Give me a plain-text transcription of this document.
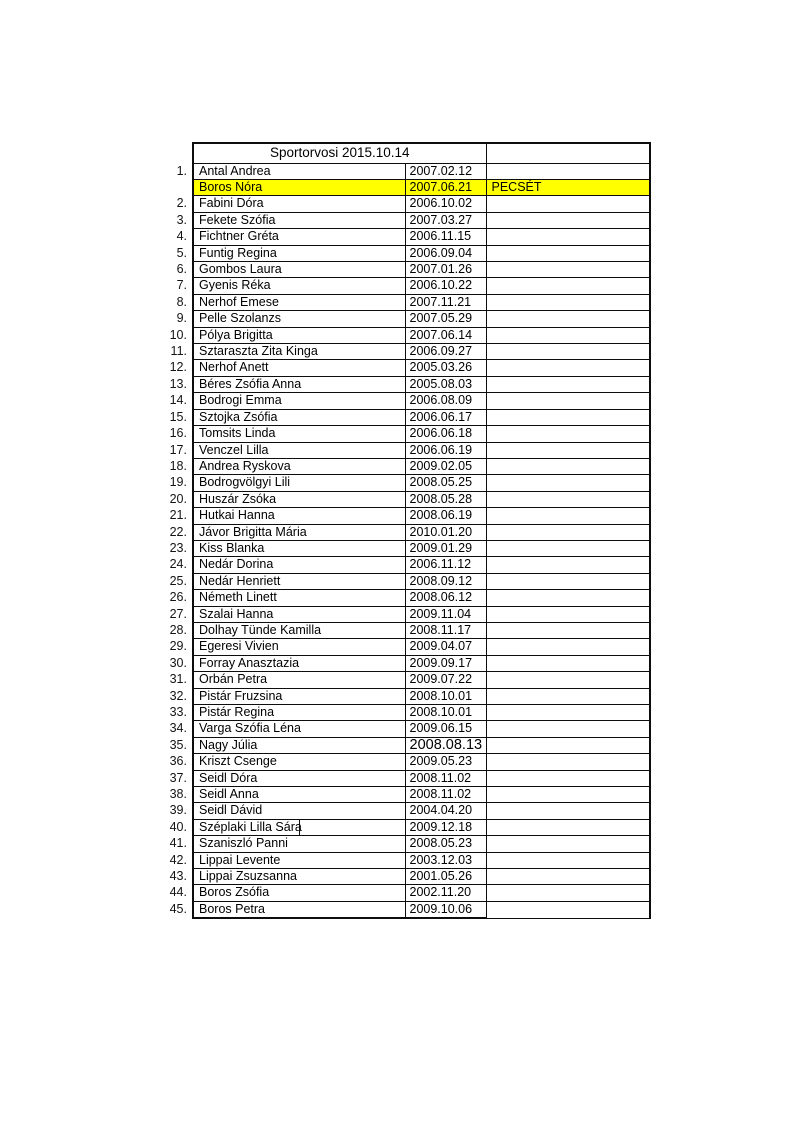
	Sportorvosi 2015.10.14		
1.	Antal Andrea	2007.02.12	
	Boros Nóra	2007.06.21	PECSÉT
2.	Fabini Dóra	2006.10.02	
3.	Fekete Szófia	2007.03.27	
4.	Fichtner Gréta	2006.11.15	
5.	Funtig Regina	2006.09.04	
6.	Gombos Laura	2007.01.26	
7.	Gyenis Réka	2006.10.22	
8.	Nerhof Emese	2007.11.21	
9.	Pelle Szolanzs	2007.05.29	
10.	Pólya Brigitta	2007.06.14	
11.	Sztaraszta Zita Kinga	2006.09.27	
12.	Nerhof Anett	2005.03.26	
13.	Béres Zsófia Anna	2005.08.03	
14.	Bodrogi Emma	2006.08.09	
15.	Sztojka Zsófia	2006.06.17	
16.	Tomsits Linda	2006.06.18	
17.	Venczel Lilla	2006.06.19	
18.	Andrea Ryskova	2009.02.05	
19.	Bodrogvölgyi Lili	2008.05.25	
20.	Huszár Zsóka	2008.05.28	
21.	Hutkai Hanna	2008.06.19	
22.	Jávor Brigitta Mária	2010.01.20	
23.	Kiss Blanka	2009.01.29	
24.	Nedár Dorina	2006.11.12	
25.	Nedár Henriett	2008.09.12	
26.	Németh Linett	2008.06.12	
27.	Szalai Hanna	2009.11.04	
28.	Dolhay Tünde Kamilla	2008.11.17	
29.	Egeresi Vivien	2009.04.07	
30.	Forray Anasztazia	2009.09.17	
31.	Orbán Petra	2009.07.22	
32.	Pistár Fruzsina	2008.10.01	
33.	Pistár Regina	2008.10.01	
34.	Varga Szófia Léna	2009.06.15	
35.	Nagy Júlia	2008.08.13	
36.	Kriszt Csenge	2009.05.23	
37.	Seidl Dóra	2008.11.02	
38.	Seidl Anna	2008.11.02	
39.	Seidl Dávid	2004.04.20	
40.	Széplaki Lilla Sára	2009.12.18	
41.	Szaniszló Panni	2008.05.23	
42.	Lippai Levente	2003.12.03	
43.	Lippai Zsuzsanna	2001.05.26	
44.	Boros Zsófia	2002.11.20	
45.	Boros Petra	2009.10.06	
